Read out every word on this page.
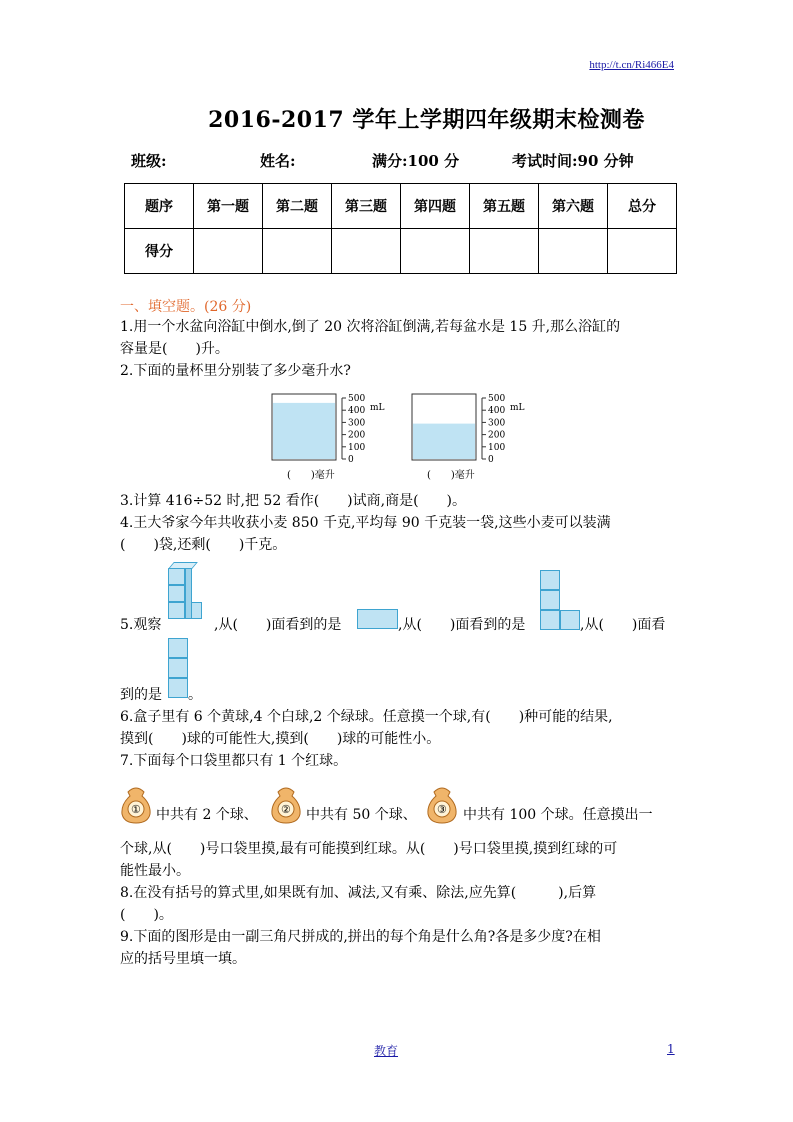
http://t.cn/Ri466E4
2016-2017 学年上学期四年级期末检测卷
班级:	姓名:	满分:100 分	考试时间:90 分钟
题序	第一题	第二题	第三题	第四题	第五题	第六题	总分
得分							
一、填空题。(26 分)
1.用一个水盆向浴缸中倒水,倒了 20 次将浴缸倒满,若每盆水是 15 升,那么浴缸的
容量是(　　)升。
2.下面的量杯里分别装了多少毫升水?
500
400
300
200
100
0
mL
(　　)毫升
500
400
300
200
100
0
mL
(　　)毫升
3.计算 416÷52 时,把 52 看作(　　)试商,商是(　　)。
4.王大爷家今年共收获小麦 850 千克,平均每 90 千克装一袋,这些小麦可以装满
(　　)袋,还剩(　　)千克。
5.观察	,从(　　)面看到的是	,从(　　)面看到的是	,从(　　)面看
到的是 。
6.盒子里有 6 个黄球,4 个白球,2 个绿球。任意摸一个球,有(　　)种可能的结果,
摸到(　　)球的可能性大,摸到(　　)球的可能性小。
7.下面每个口袋里都只有 1 个红球。
① 中共有 2 个球、 ② 中共有 50 个球、 ③ 中共有 100 个球。任意摸出一
个球,从(　　)号口袋里摸,最有可能摸到红球。从(　　)号口袋里摸,摸到红球的可
能性最小。
8.在没有括号的算式里,如果既有加、减法,又有乘、除法,应先算(　　　),后算
(　　)。
9.下面的图形是由一副三角尺拼成的,拼出的每个角是什么角?各是多少度?在相
应的括号里填一填。
教育	1
